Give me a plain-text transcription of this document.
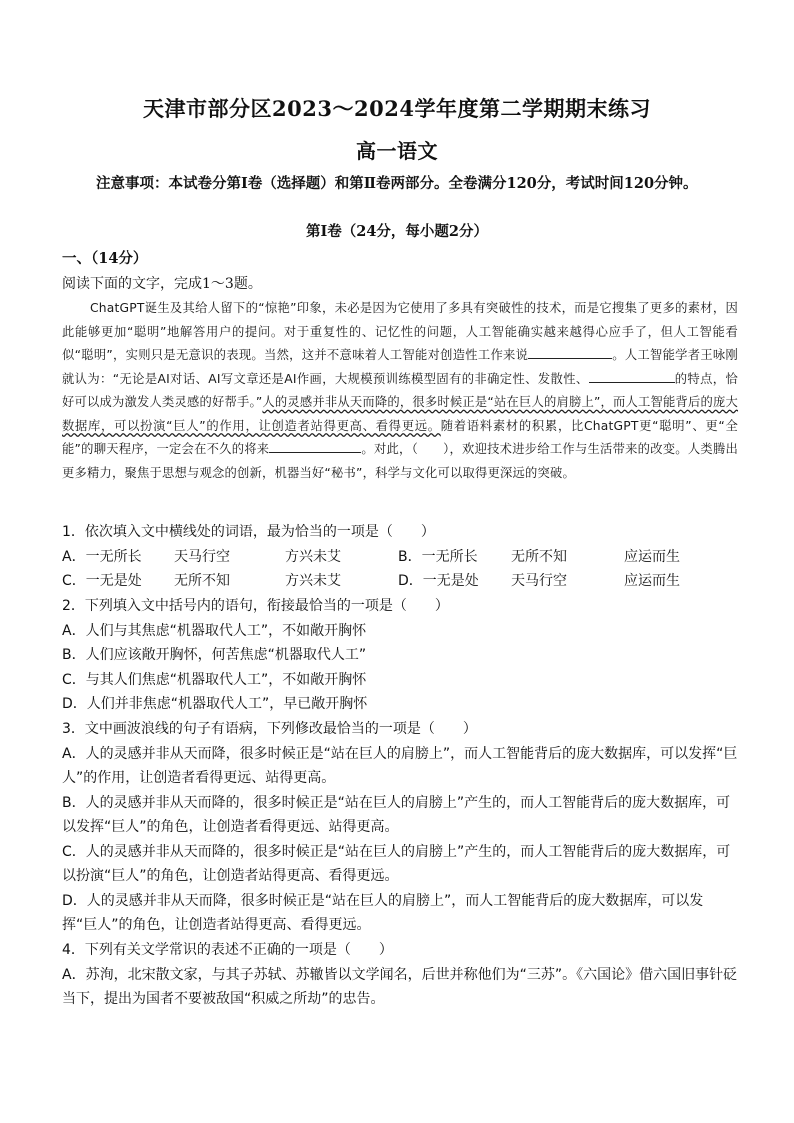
天津市部分区2023～2024学年度第二学期期末练习
高一语文
注意事项：本试卷分第Ⅰ卷（选择题）和第Ⅱ卷两部分。全卷满分120分，考试时间120分钟。
第Ⅰ卷（24分，每小题2分）
一、（14分）
阅读下面的文字，完成1～3题。
ChatGPT诞生及其给人留下的“惊艳”印象，未必是因为它使用了多具有突破性的技术，而是它搜集了更多的素材，因此能够更加“聪明”地解答用户的提问。对于重复性的、记忆性的问题，人工智能确实越来越得心应手了，但人工智能看似“聪明”，实则只是无意识的表现。当然，这并不意味着人工智能对创造性工作来说	。人工智能学者王咏刚就认为：“无论是AI对话、AI写文章还是AI作画，大规模预训练模型固有的非确定性、发散性、	的特点，恰好可以成为激发人类灵感的好帮手。”人的灵感并非从天而降的，很多时候正是“站在巨人的肩膀上”，而人工智能背后的庞大数据库，可以扮演“巨人”的作用，让创造者站得更高、看得更远。随着语料素材的积累，比ChatGPT更“聪明”、更“全能”的聊天程序，一定会在不久的将来	。对此，（　　），欢迎技术进步给工作与生活带来的改变。人类腾出更多精力，聚焦于思想与观念的创新，机器当好“秘书”，科学与文化可以取得更深远的突破。
1．依次填入文中横线处的词语，最为恰当的一项是（　　）
A．一无所长	天马行空	方兴未艾	B．一无所长	无所不知	应运而生
C．一无是处	无所不知	方兴未艾	D．一无是处	天马行空	应运而生
2．下列填入文中括号内的语句，衔接最恰当的一项是（　　）
A．人们与其焦虑“机器取代人工”，不如敞开胸怀
B．人们应该敞开胸怀，何苦焦虑“机器取代人工”
C．与其人们焦虑“机器取代人工”，不如敞开胸怀
D．人们并非焦虑“机器取代人工”，早已敞开胸怀
3．文中画波浪线的句子有语病，下列修改最恰当的一项是（　　）
A．人的灵感并非从天而降，很多时候正是“站在巨人的肩膀上”，而人工智能背后的庞大数据库，可以发挥“巨人”的作用，让创造者看得更远、站得更高。
B．人的灵感并非从天而降的，很多时候正是“站在巨人的肩膀上”产生的，而人工智能背后的庞大数据库，可以发挥“巨人”的角色，让创造者看得更远、站得更高。
C．人的灵感并非从天而降的，很多时候正是“站在巨人的肩膀上”产生的，而人工智能背后的庞大数据库，可以扮演“巨人”的角色，让创造者站得更高、看得更远。
D．人的灵感并非从天而降，很多时候正是“站在巨人的肩膀上”，而人工智能背后的庞大数据库，可以发挥“巨人”的角色，让创造者站得更高、看得更远。
4．下列有关文学常识的表述不正确的一项是（　　）
A．苏洵，北宋散文家，与其子苏轼、苏辙皆以文学闻名，后世并称他们为“三苏”。《六国论》借六国旧事针砭当下，提出为国者不要被敌国“积威之所劫”的忠告。
